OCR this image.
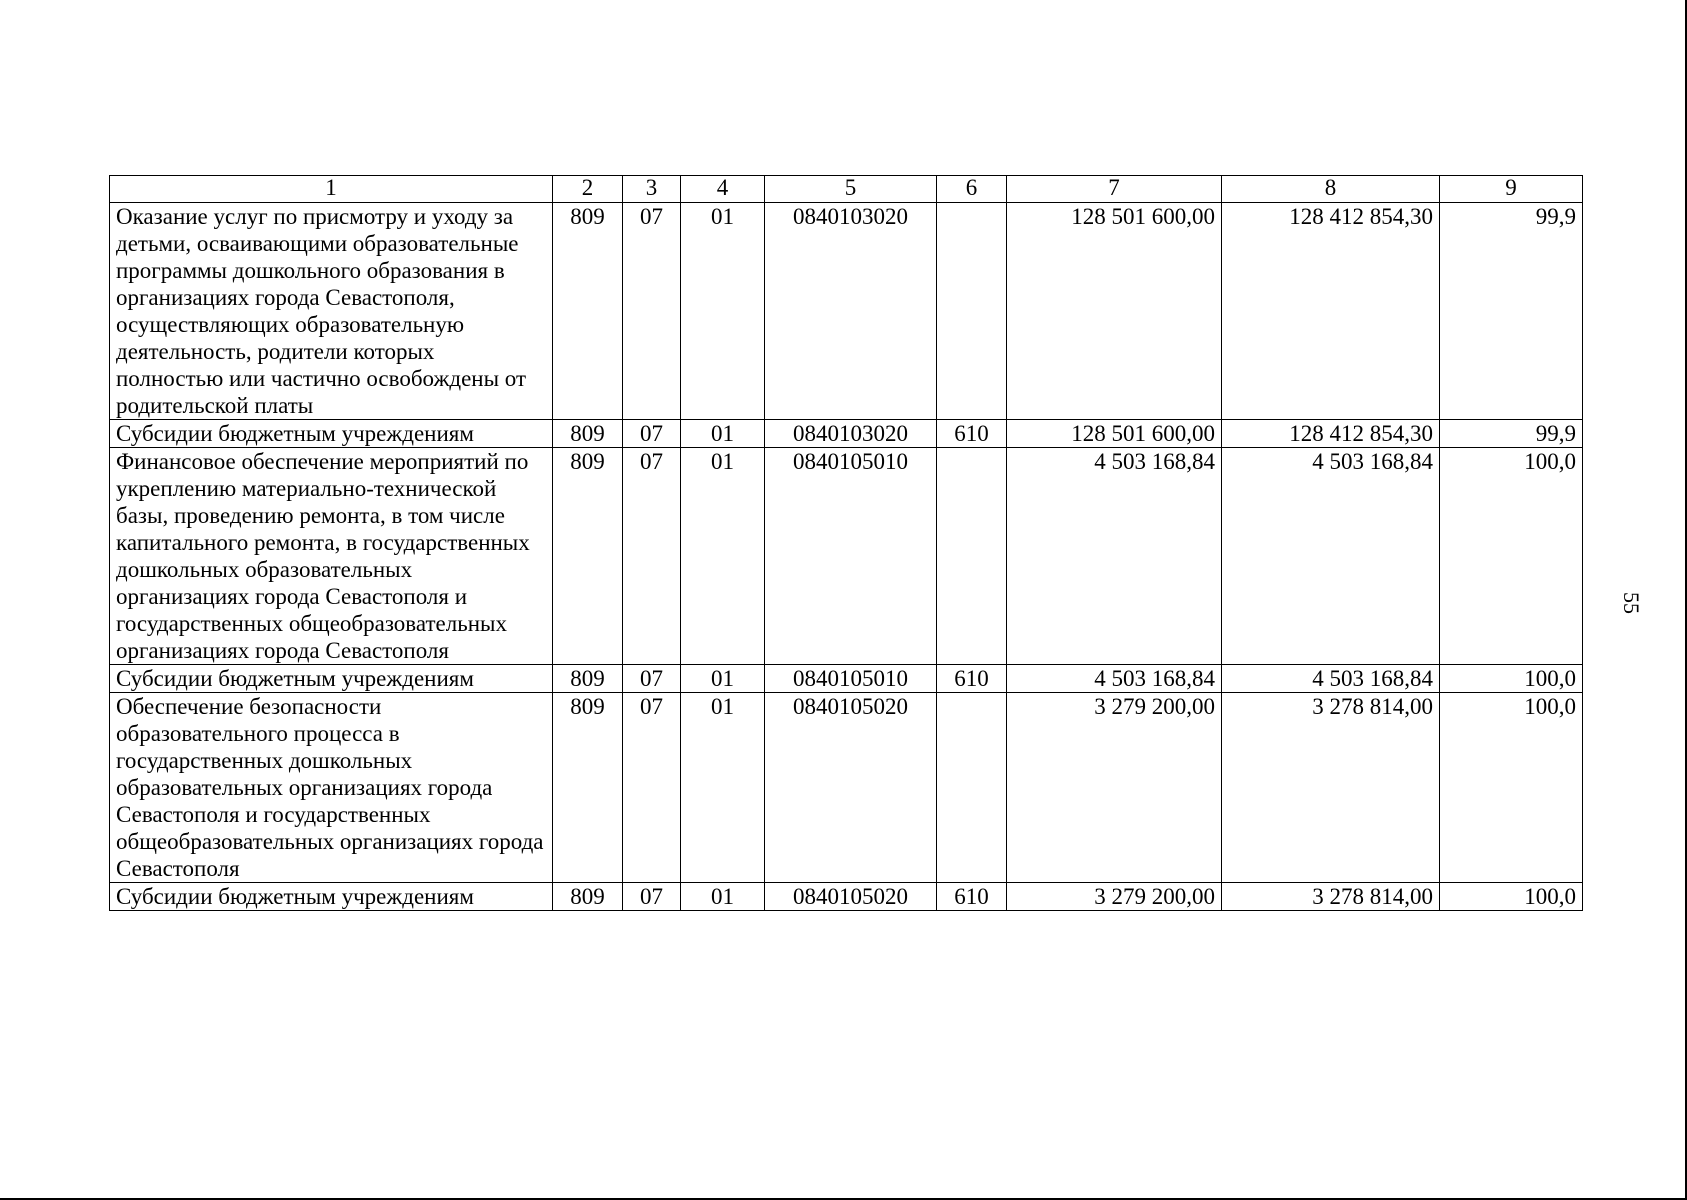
1	2	3	4	5	6	7	8	9
Оказание услуг по присмотру и уходу за детьми, осваивающими образовательные программы дошкольного образования в организациях города Севастополя, осуществляющих образовательную деятельность, родители которых полностью или частично освобождены от родительской платы	809	07	01	0840103020		128 501 600,00	128 412 854,30	99,9
Субсидии бюджетным учреждениям	809	07	01	0840103020	610	128 501 600,00	128 412 854,30	99,9
Финансовое обеспечение мероприятий по укреплению материально-технической базы, проведению ремонта, в том числе капитального ремонта, в государственных дошкольных образовательных организациях города Севастополя и государственных общеобразовательных организациях города Севастополя	809	07	01	0840105010		4 503 168,84	4 503 168,84	100,0
Субсидии бюджетным учреждениям	809	07	01	0840105010	610	4 503 168,84	4 503 168,84	100,0
Обеспечение безопасности образовательного процесса в государственных дошкольных образовательных организациях города Севастополя и государственных общеобразовательных организациях города Севастополя	809	07	01	0840105020		3 279 200,00	3 278 814,00	100,0
Субсидии бюджетным учреждениям	809	07	01	0840105020	610	3 279 200,00	3 278 814,00	100,0
55
